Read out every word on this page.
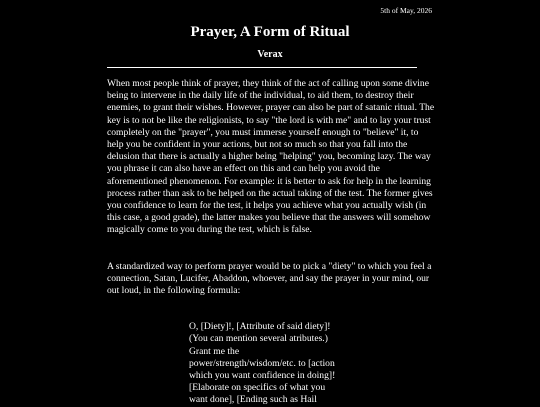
5th of May, 2026
Prayer, A Form of Ritual
Verax

When most people think of prayer, they think of the act of calling upon some divine being to intervene in the daily life of the individual, to aid them, to destroy their enemies, to grant their wishes. However, prayer can also be part of satanic ritual. The key is to not be like the religionists, to say "the lord is with me" and to lay your trust completely on the "prayer", you must immerse yourself enough to "believe" it, to help you be confident in your actions, but not so much so that you fall into the delusion that there is actually a higher being "helping" you, becoming lazy. The way you phrase it can also have an effect on this and can help you avoid the aforementioned phenomenon. For example: it is better to ask for help in the learning process rather than ask to be helped on the actual taking of the test. The former gives you confidence to learn for the test, it helps you achieve what you actually wish (in this case, a good grade), the latter makes you believe that the answers will somehow magically come to you during the test, which is false.

A standardized way to perform prayer would be to pick a "diety" to which you feel a connection, Satan, Lucifer, Abaddon, whoever, and say the prayer in your mind, our out loud, in the following formula:

O, [Diety]!, [Attribute of said diety]!
(You can mention several atributes.)
Grant me the
power/strength/wisdom/etc. to [action
which you want confidence in doing]!
[Elaborate on specifics of what you
want done], [Ending such as Hail
